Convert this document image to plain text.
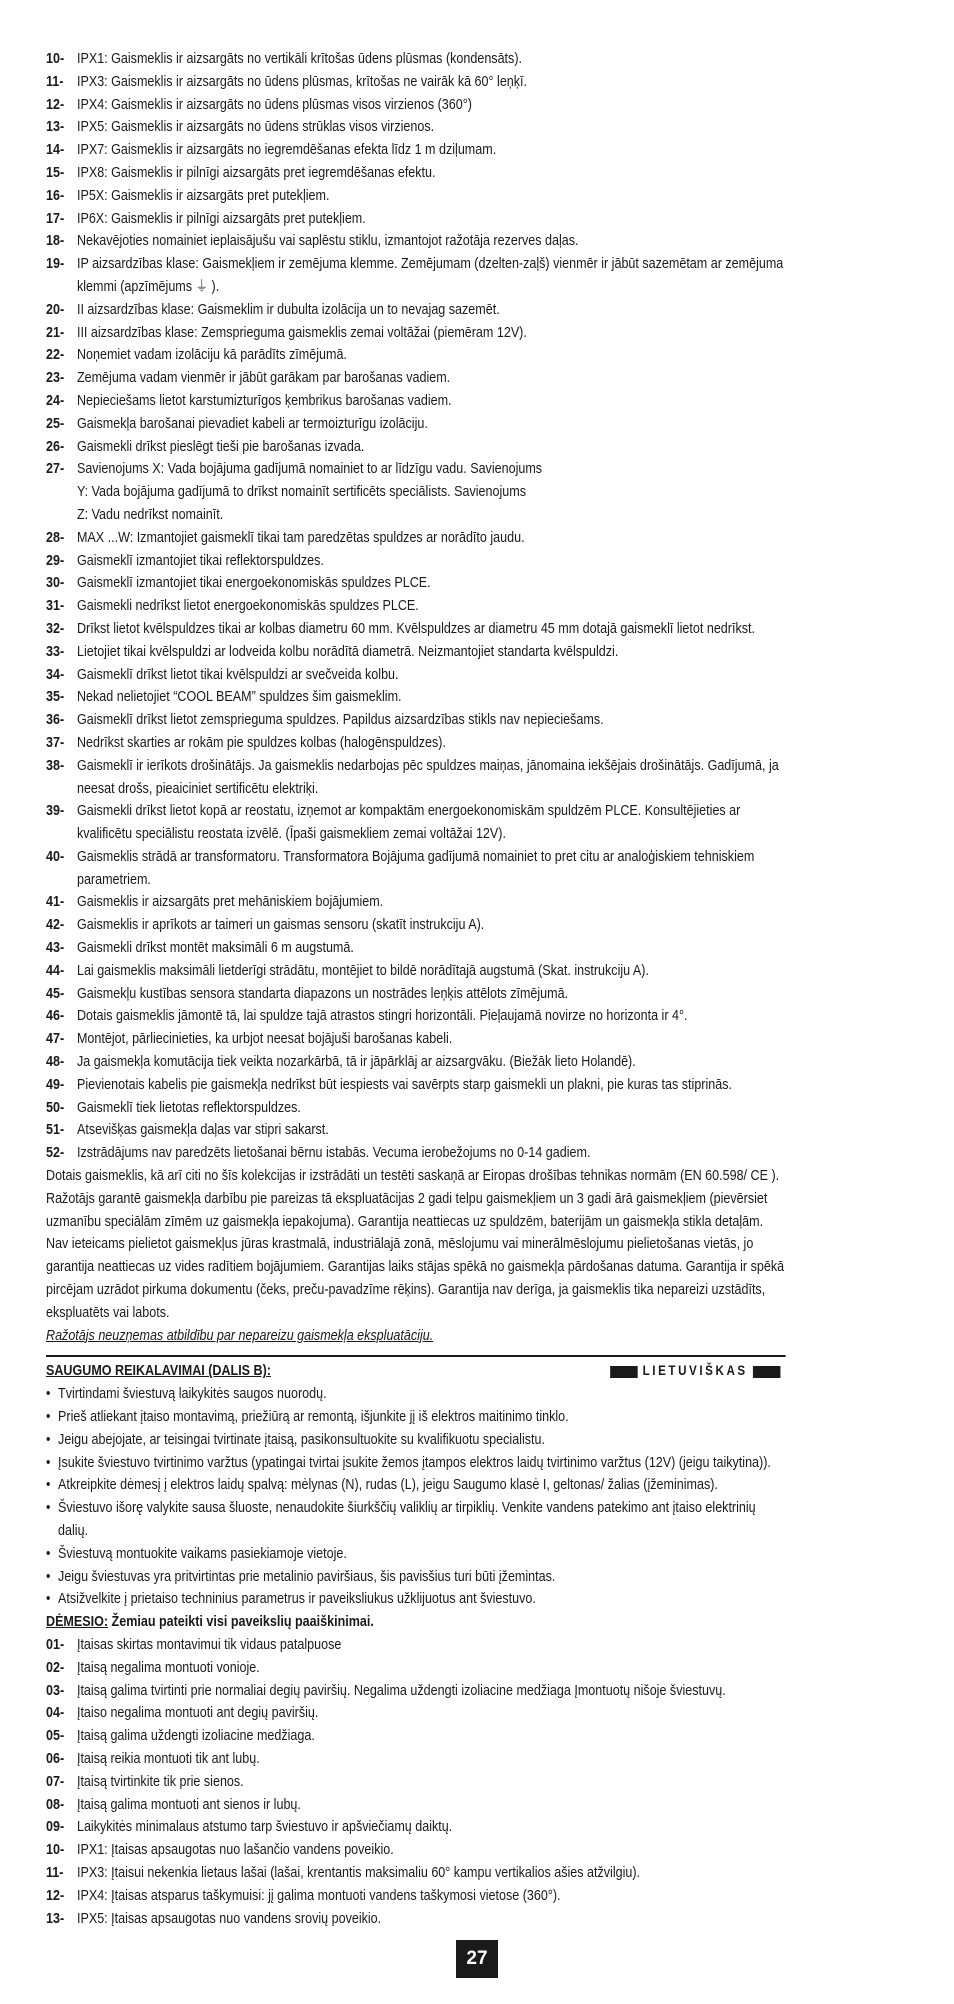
10- IPX1: Gaismeklis ir aizsargāts no vertikāli krītošas ūdens plūsmas (kondensāts).
11- IPX3: Gaismeklis ir aizsargāts no ūdens plūsmas, krītošas ne vairāk kā 60° leņķī.
12- IPX4: Gaismeklis ir aizsargāts no ūdens plūsmas visos virzienos (360°)
13- IPX5: Gaismeklis ir aizsargāts no ūdens strūklas visos virzienos.
14- IPX7: Gaismeklis ir aizsargāts no iegremdēšanas efekta līdz 1 m dziļumam.
15- IPX8: Gaismeklis ir pilnīgi aizsargāts pret iegremdēšanas efektu.
16- IP5X: Gaismeklis ir aizsargāts pret putekļiem.
17- IP6X: Gaismeklis ir pilnīgi aizsargāts pret putekļiem.
18- Nekavējoties nomainiet ieplaisājušu vai saplēstu stiklu, izmantojot ražotāja rezerves daļas.
19- IP aizsardzības klase: Gaismekļiem ir zemējuma klemme. Zemējumam (dzelten-zaļš) vienmēr ir jābūt sazemētam ar zemējuma klemmi (apzīmējums ⏚ ).
20- II aizsardzības klase: Gaismeklim ir dubulta izolācija un to nevajag sazemēt.
21- III aizsardzības klase: Zemsprieguma gaismeklis zemai voltāžai (piemēram 12V).
22- Noņemiet vadam izolāciju kā parādīts zīmējumā.
23- Zemējuma vadam vienmēr ir jābūt garākam par barošanas vadiem.
24- Nepieciešams lietot karstumizturīgos ķembrikus barošanas vadiem.
25- Gaismekļa barošanai pievadiet kabeli ar termoizturīgu izolāciju.
26- Gaismekli drīkst pieslēgt tieši pie barošanas izvada.
27- Savienojums X: Vada bojājuma gadījumā nomainiet to ar līdzīgu vadu. Savienojums
Y: Vada bojājuma gadījumā to drīkst nomainīt sertificēts speciālists. Savienojums
Z: Vadu nedrīkst nomainīt.
28- MAX ...W: Izmantojiet gaismeklī tikai tam paredzētas spuldzes ar norādīto jaudu.
29- Gaismeklī izmantojiet tikai reflektorspuldzes.
30- Gaismeklī izmantojiet tikai energoekonomiskās spuldzes PLCE.
31- Gaismekli nedrīkst lietot energoekonomiskās spuldzes PLCE.
32- Drīkst lietot kvēlspuldzes tikai ar kolbas diametru 60 mm. Kvēlspuldzes ar diametru 45 mm dotajā gaismeklī lietot nedrīkst.
33- Lietojiet tikai kvēlspuldzi ar lodveida kolbu norādītā diametrā. Neizmantojiet standarta kvēlspuldzi.
34- Gaismeklī drīkst lietot tikai kvēlspuldzi ar svečveida kolbu.
35- Nekad nelietojiet “COOL BEAM” spuldzes šim gaismeklim.
36- Gaismeklī drīkst lietot zemsprieguma spuldzes. Papildus aizsardzības stikls nav nepieciešams.
37- Nedrīkst skarties ar rokām pie spuldzes kolbas (halogēnspuldzes).
38- Gaismeklī ir ierīkots drošinātājs. Ja gaismeklis nedarbojas pēc spuldzes maiņas, jānomaina iekšējais drošinātājs. Gadījumā, ja neesat drošs, pieaiciniet sertificētu elektriķi.
39- Gaismekli drīkst lietot kopā ar reostatu, izņemot ar kompaktām energoekonomiskām spuldzēm PLCE. Konsultējieties ar kvalificētu speciālistu reostata izvēlē. (Īpaši gaismekliem zemai voltāžai 12V).
40- Gaismeklis strādā ar transformatoru. Transformatora Bojājuma gadījumā nomainiet to pret citu ar analoģiskiem tehniskiem parametriem.
41- Gaismeklis ir aizsargāts pret mehāniskiem bojājumiem.
42- Gaismeklis ir aprīkots ar taimeri un gaismas sensoru (skatīt instrukciju A).
43- Gaismekli drīkst montēt maksimāli 6 m augstumā.
44- Lai gaismeklis maksimāli lietderīgi strādātu, montējiet to bildē norādītajā augstumā (Skat. instrukciju A).
45- Gaismekļu kustības sensora standarta diapazons un nostrādes leņķis attēlots zīmējumā.
46- Dotais gaismeklis jāmontē tā, lai spuldze tajā atrastos stingri horizontāli. Pieļaujamā novirze no horizonta ir 4°.
47- Montējot, pārliecinieties, ka urbjot neesat bojājuši barošanas kabeli.
48- Ja gaismekļa komutācija tiek veikta nozarkārbā, tā ir jāpārklāj ar aizsargvāku. (Biežāk lieto Holandē).
49- Pievienotais kabelis pie gaismekļa nedrīkst būt iespiests vai savērpts starp gaismekli un plakni, pie kuras tas stiprinās.
50- Gaismeklī tiek lietotas reflektorspuldzes.
51- Atsevišķas gaismekļa daļas var stipri sakarst.
52- Izstrādājums nav paredzēts lietošanai bērnu istabās. Vecuma ierobežojums no 0-14 gadiem.

Dotais gaismeklis, kā arī citi no šīs kolekcijas ir izstrādāti un testēti saskaņā ar Eiropas drošības tehnikas normām (EN 60.598/ CE ). Ražotājs garantē gaismekļa darbību pie pareizas tā ekspluatācijas 2 gadi telpu gaismekļiem un 3 gadi ārā gaismekļiem (pievērsiet uzmanību speciālām zīmēm uz gaismekļa iepakojuma). Garantija neattiecas uz spuldzēm, baterijām un gaismekļa stikla detaļām. Nav ieteicams pielietot gaismekļus jūras krastmalā, industriālajā zonā, mēslojumu vai minerālmēslojumu pielietošanas vietās, jo garantija neattiecas uz vides radītiem bojājumiem. Garantijas laiks stājas spēkā no gaismekļa pārdošanas datuma. Garantija ir spēkā pircējam uzrādot pirkuma dokumentu (čeks, preču-pavadzīme rēķins). Garantija nav derīga, ja gaismeklis tika nepareizi uzstādīts, ekspluatēts vai labots.

Ražotājs neuzņemas atbildību par nepareizu gaismekļa ekspluatāciju.

SAUGUMO REIKALAVIMAI (DALIS B):	LIETUVIŠKAS
• Tvirtindami šviestuvą laikykitės saugos nuorodų.
• Prieš atliekant įtaiso montavimą, priežiūrą ar remontą, išjunkite jį iš elektros maitinimo tinklo.
• Jeigu abejojate, ar teisingai tvirtinate įtaisą, pasikonsultuokite su kvalifikuotu specialistu.
• Įsukite šviestuvo tvirtinimo varžtus (ypatingai tvirtai įsukite žemos įtampos elektros laidų tvirtinimo varžtus (12V) (jeigu taikytina)).
• Atkreipkite dėmesį į elektros laidų spalvą: mėlynas (N), rudas (L), jeigu Saugumo klasė I, geltonas/ žalias (įžeminimas).
• Šviestuvo išorę valykite sausa šluoste, nenaudokite šiurkščių valiklių ar tirpiklių. Venkite vandens patekimo ant įtaiso elektrinių dalių.
• Šviestuvą montuokite vaikams pasiekiamoje vietoje.
• Jeigu šviestuvas yra pritvirtintas prie metalinio paviršiaus, šis pavisšius turi būti įžemintas.
• Atsižvelkite į prietaiso techninius parametrus ir paveiksliukus užklijuotus ant šviestuvo.
DĖMESIO: Žemiau pateikti visi paveikslių paaiškinimai.
01- Įtaisas skirtas montavimui tik vidaus patalpuose
02- Įtaisą negalima montuoti vonioje.
03- Įtaisą galima tvirtinti prie normaliai degių paviršių. Negalima uždengti izoliacine medžiaga Įmontuotų nišoje šviestuvų.
04- Įtaiso negalima montuoti ant degių paviršių.
05- Įtaisą galima uždengti izoliacine medžiaga.
06- Įtaisą reikia montuoti tik ant lubų.
07- Įtaisą tvirtinkite tik prie sienos.
08- Įtaisą galima montuoti ant sienos ir lubų.
09- Laikykitės minimalaus atstumo tarp šviestuvo ir apšviečiamų daiktų.
10- IPX1: Įtaisas apsaugotas nuo lašančio vandens poveikio.
11- IPX3: Įtaisui nekenkia lietaus lašai (lašai, krentantis maksimaliu 60° kampu vertikalios ašies atžvilgiu).
12- IPX4: Įtaisas atsparus taškymuisi: jį galima montuoti vandens taškymosi vietose (360°).
13- IPX5: Įtaisas apsaugotas nuo vandens srovių poveikio.
27
